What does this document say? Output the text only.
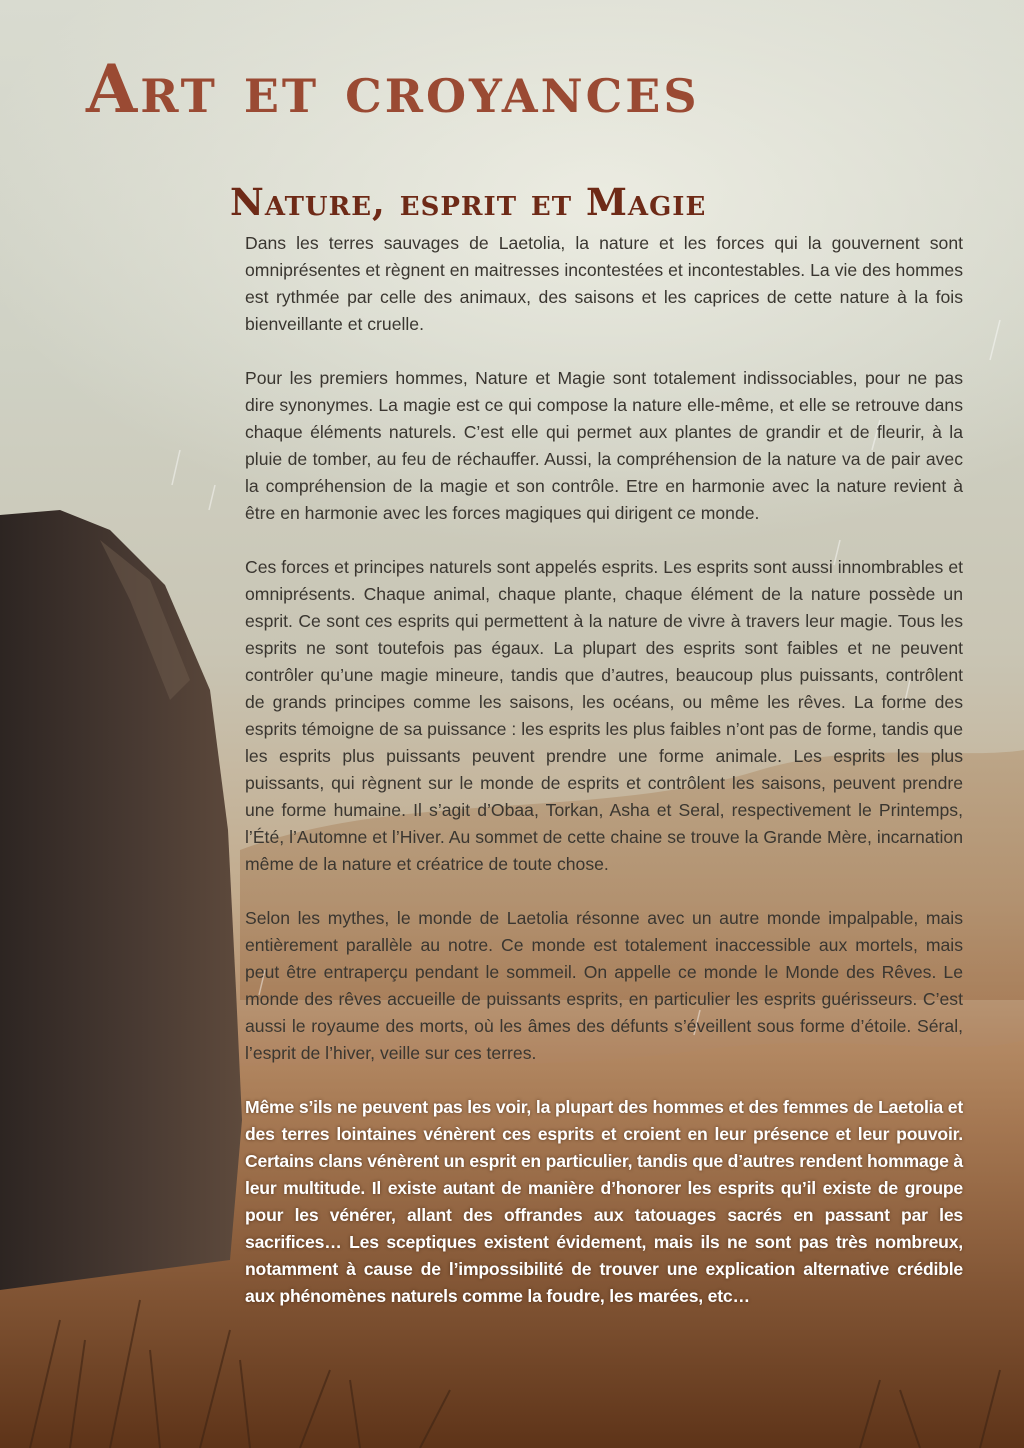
Art et croyances
Nature, esprit et Magie

Dans les terres sauvages de Laetolia, la nature et les forces qui la gouvernent sont omniprésentes et règnent en maitresses incontestées et incontestables. La vie des hommes est rythmée par celle des animaux, des saisons et les caprices de cette nature à la fois bienveillante et cruelle.

Pour les premiers hommes, Nature et Magie sont totalement indissociables, pour ne pas dire synonymes. La magie est ce qui compose la nature elle-même, et elle se retrouve dans chaque éléments naturels. C’est elle qui permet aux plantes de grandir et de fleurir, à la pluie de tomber, au feu de réchauffer. Aussi, la compréhension de la nature va de pair avec la compréhension de la magie et son contrôle. Etre en harmonie avec la nature revient à être en harmonie avec les forces magiques qui dirigent ce monde.

Ces forces et principes naturels sont appelés esprits. Les esprits sont aussi innombrables et omniprésents. Chaque animal, chaque plante, chaque élément de la nature possède un esprit. Ce sont ces esprits qui permettent à la nature de vivre à travers leur magie. Tous les esprits ne sont toutefois pas égaux. La plupart des esprits sont faibles et ne peuvent contrôler qu’une magie mineure, tandis que d’autres, beaucoup plus puissants, contrôlent de grands principes comme les saisons, les océans, ou même les rêves. La forme des esprits témoigne de sa puissance : les esprits les plus faibles n’ont pas de forme, tandis que les esprits plus puissants peuvent prendre une forme animale. Les esprits les plus puissants, qui règnent sur le monde de esprits et contrôlent les saisons, peuvent prendre une forme humaine. Il s’agit d’Obaa, Torkan, Asha et Seral, respectivement le Printemps, l’Été, l’Automne et l’Hiver. Au sommet de cette chaine se trouve la Grande Mère, incarnation même de la nature et créatrice de toute chose.

Selon les mythes, le monde de Laetolia résonne avec un autre monde impalpable, mais entièrement parallèle au notre. Ce monde est totalement inaccessible aux mortels, mais peut être entraperçu pendant le sommeil. On appelle ce monde le Monde des Rêves. Le monde des rêves accueille de puissants esprits, en particulier les esprits guérisseurs. C’est aussi le royaume des morts, où les âmes des défunts s’éveillent sous forme d’étoile. Séral, l’esprit de l’hiver, veille sur ces terres.

Même s’ils ne peuvent pas les voir, la plupart des hommes et des femmes de Laetolia et des terres lointaines vénèrent ces esprits et croient en leur présence et leur pouvoir. Certains clans vénèrent un esprit en particulier, tandis que d’autres rendent hommage à leur multitude. Il existe autant de manière d’honorer les esprits qu’il existe de groupe pour les vénérer, allant des offrandes aux tatouages sacrés en passant par les sacrifices… Les sceptiques existent évidement, mais ils ne sont pas très nombreux, notamment à cause de l’impossibilité de trouver une explication alternative crédible aux phénomènes naturels comme la foudre, les marées, etc…
